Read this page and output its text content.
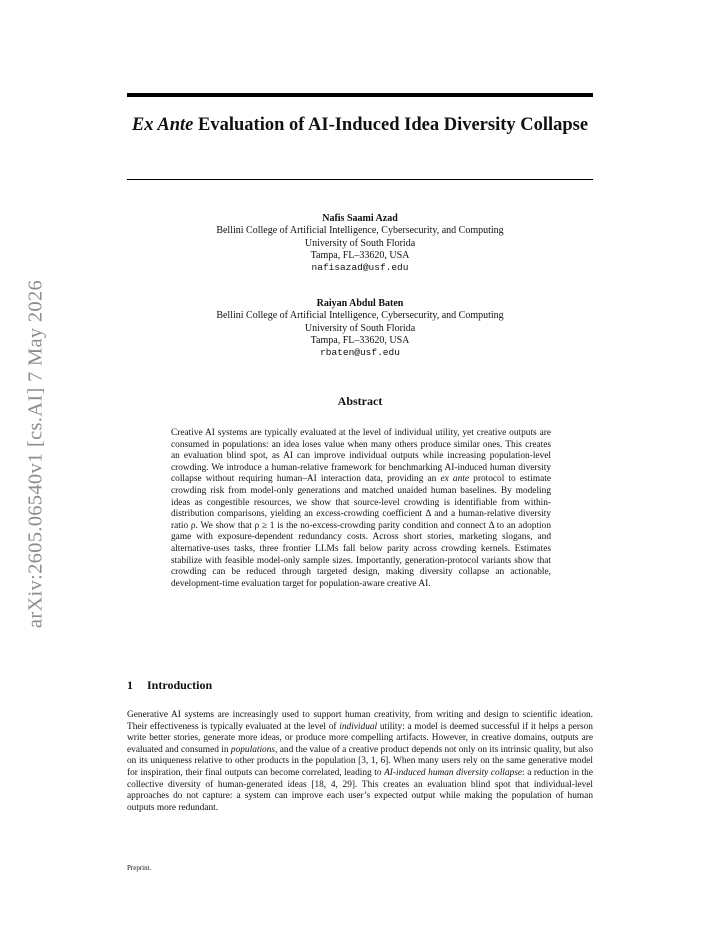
arXiv:2605.06540v1 [cs.AI] 7 May 2026
Ex Ante Evaluation of AI-Induced Idea Diversity Collapse
Nafis Saami Azad
Bellini College of Artificial Intelligence, Cybersecurity, and Computing
University of South Florida
Tampa, FL–33620, USA
nafisazad@usf.edu
Raiyan Abdul Baten
Bellini College of Artificial Intelligence, Cybersecurity, and Computing
University of South Florida
Tampa, FL–33620, USA
rbaten@usf.edu
Abstract
Creative AI systems are typically evaluated at the level of individual utility, yet creative outputs are consumed in populations: an idea loses value when many others produce similar ones. This creates an evaluation blind spot, as AI can improve individual outputs while increasing population-level crowding. We introduce a human-relative framework for benchmarking AI-induced human diversity collapse without requiring human–AI interaction data, providing an ex ante protocol to estimate crowding risk from model-only generations and matched unaided human baselines. By modeling ideas as congestible resources, we show that source-level crowding is identifiable from within-distribution comparisons, yielding an excess-crowding coefficient Δ and a human-relative diversity ratio ρ. We show that ρ ≥ 1 is the no-excess-crowding parity condition and connect Δ to an adoption game with exposure-dependent redundancy costs. Across short stories, marketing slogans, and alternative-uses tasks, three frontier LLMs fall below parity across crowding kernels. Estimates stabilize with feasible model-only sample sizes. Importantly, generation-protocol variants show that crowding can be reduced through targeted design, making diversity collapse an actionable, development-time evaluation target for population-aware creative AI.
1 Introduction
Generative AI systems are increasingly used to support human creativity, from writing and design to scientific ideation. Their effectiveness is typically evaluated at the level of individual utility: a model is deemed successful if it helps a person write better stories, generate more ideas, or produce more compelling artifacts. However, in creative domains, outputs are evaluated and consumed in populations, and the value of a creative product depends not only on its intrinsic quality, but also on its uniqueness relative to other products in the population [3, 1, 6]. When many users rely on the same generative model for inspiration, their final outputs can become correlated, leading to AI-induced human diversity collapse: a reduction in the collective diversity of human-generated ideas [18, 4, 29]. This creates an evaluation blind spot that individual-level approaches do not capture: a system can improve each user’s expected output while making the population of human outputs more redundant.
Preprint.
